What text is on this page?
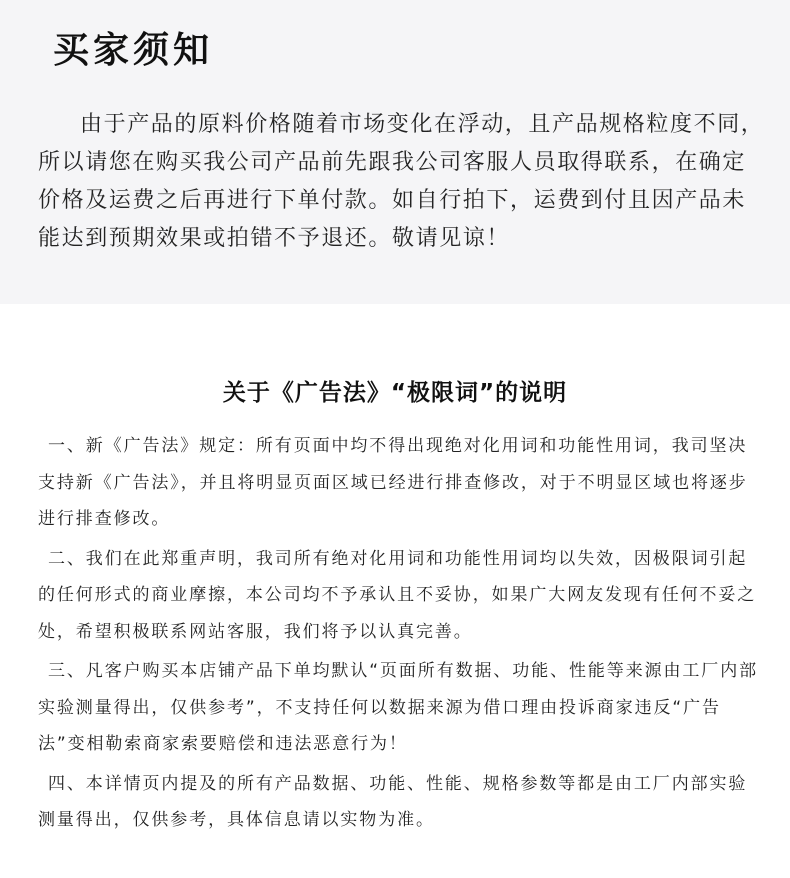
买家须知

由于产品的原料价格随着市场变化在浮动，且产品规格粒度不同，所以请您在购买我公司产品前先跟我公司客服人员取得联系，在确定价格及运费之后再进行下单付款。如自行拍下，运费到付且因产品未能达到预期效果或拍错不予退还。敬请见谅！

关于《广告法》“极限词”的说明

一、新《广告法》规定：所有页面中均不得出现绝对化用词和功能性用词，我司坚决支持新《广告法》，并且将明显页面区域已经进行排查修改，对于不明显区域也将逐步进行排查修改。

二、我们在此郑重声明，我司所有绝对化用词和功能性用词均以失效，因极限词引起的任何形式的商业摩擦，本公司均不予承认且不妥协，如果广大网友发现有任何不妥之处，希望积极联系网站客服，我们将予以认真完善。

三、凡客户购买本店铺产品下单均默认“页面所有数据、功能、性能等来源由工厂内部实验测量得出，仅供参考”，不支持任何以数据来源为借口理由投诉商家违反“广告法”变相勒索商家索要赔偿和违法恶意行为！

四、本详情页内提及的所有产品数据、功能、性能、规格参数等都是由工厂内部实验测量得出，仅供参考，具体信息请以实物为准。
